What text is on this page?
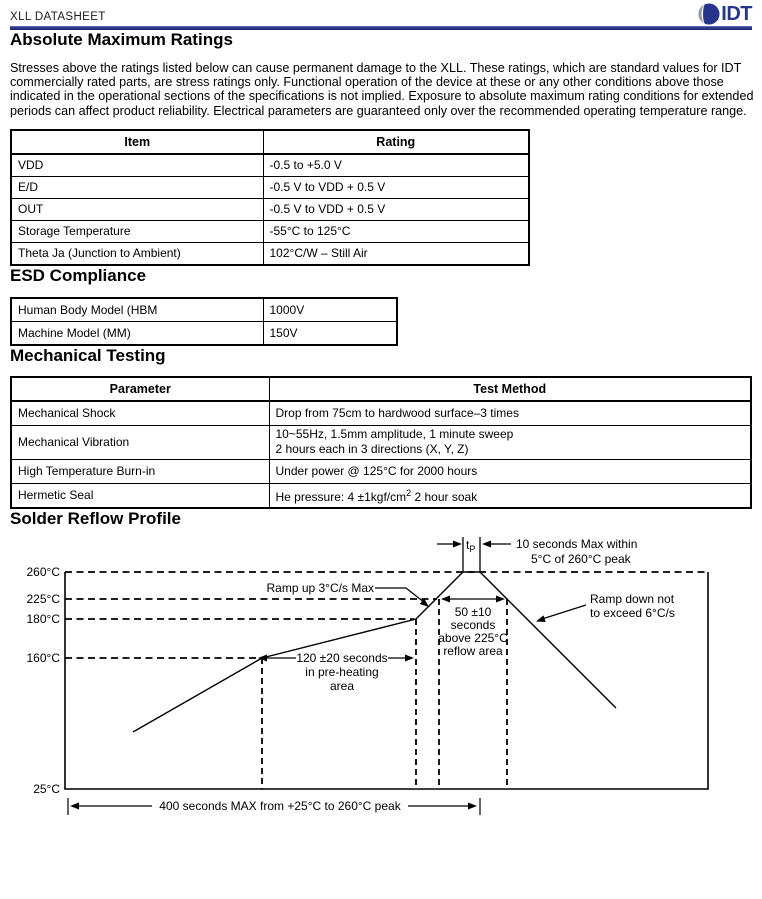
XLL DATASHEET	IDT
Absolute Maximum Ratings

Stresses above the ratings listed below can cause permanent damage to the XLL. These ratings, which are standard values for IDT commercially rated parts, are stress ratings only. Functional operation of the device at these or any other conditions above those indicated in the operational sections of the specifications is not implied. Exposure to absolute maximum rating conditions for extended periods can affect product reliability. Electrical parameters are guaranteed only over the recommended operating temperature range.

Item	Rating
VDD	-0.5 to +5.0 V
E/D	-0.5 V to VDD + 0.5 V
OUT	-0.5 V to VDD + 0.5 V
Storage Temperature	-55°C to 125°C
Theta Ja (Junction to Ambient)	102°C/W – Still Air
ESD Compliance
Human Body Model (HBM	1000V
Machine Model (MM)	150V
Mechanical Testing
Parameter	Test Method
Mechanical Shock	Drop from 75cm to hardwood surface–3 times
Mechanical Vibration	10~55Hz, 1.5mm amplitude, 1 minute sweep
2 hours each in 3 directions (X, Y, Z)

High Temperature Burn-in	Under power @ 125°C for 2000 hours
Hermetic Seal	He pressure: $4 \pm 1kgf/cm^2$ 2 hour soak
Solder Reflow Profile
260°C
225°C
180°C
160°C
25°C
$t_P$	10 seconds Max within
5°C of 260°C peak
Ramp up 3°C/s Max
Ramp down not
to exceed 6°C/s
50 ±10
seconds
above 225°C
reflow area
120 ±20 seconds
in pre-heating
area
400 seconds MAX from +25°C to 260°C peak
